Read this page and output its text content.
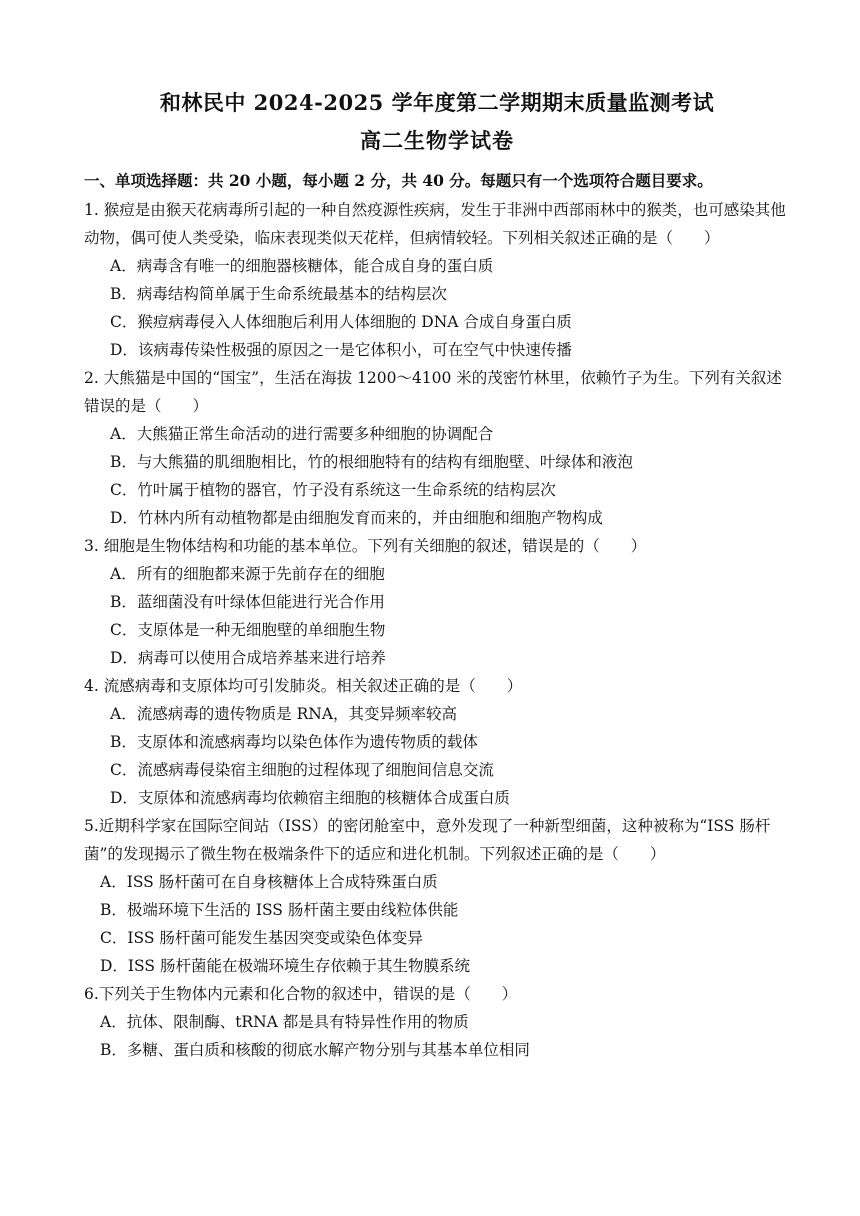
和林民中 2024-2025 学年度第二学期期末质量监测考试
高二生物学试卷
一、单项选择题：共 20 小题，每小题 2 分，共 40 分。每题只有一个选项符合题目要求。

1. 猴痘是由猴天花病毒所引起的一种自然疫源性疾病，发生于非洲中西部雨林中的猴类，也可感染其他动物，偶可使人类受染，临床表现类似天花样，但病情较轻。下列相关叙述正确的是（　　）

A．病毒含有唯一的细胞器核糖体，能合成自身的蛋白质

B．病毒结构简单属于生命系统最基本的结构层次

C．猴痘病毒侵入人体细胞后利用人体细胞的 DNA 合成自身蛋白质

D．该病毒传染性极强的原因之一是它体积小，可在空气中快速传播

2. 大熊猫是中国的“国宝”，生活在海拔 1200～4100 米的茂密竹林里，依赖竹子为生。下列有关叙述错误的是（　　）

A．大熊猫正常生命活动的进行需要多种细胞的协调配合

B．与大熊猫的肌细胞相比，竹的根细胞特有的结构有细胞壁、叶绿体和液泡

C．竹叶属于植物的器官，竹子没有系统这一生命系统的结构层次

D．竹林内所有动植物都是由细胞发育而来的，并由细胞和细胞产物构成

3. 细胞是生物体结构和功能的基本单位。下列有关细胞的叙述，错误是的（　　）

A．所有的细胞都来源于先前存在的细胞

B．蓝细菌没有叶绿体但能进行光合作用

C．支原体是一种无细胞壁的单细胞生物

D．病毒可以使用合成培养基来进行培养

4. 流感病毒和支原体均可引发肺炎。相关叙述正确的是（　　）

A．流感病毒的遗传物质是 RNA，其变异频率较高

B．支原体和流感病毒均以染色体作为遗传物质的载体

C．流感病毒侵染宿主细胞的过程体现了细胞间信息交流

D．支原体和流感病毒均依赖宿主细胞的核糖体合成蛋白质

5.近期科学家在国际空间站（ISS）的密闭舱室中，意外发现了一种新型细菌，这种被称为“ISS 肠杆菌”的发现揭示了微生物在极端条件下的适应和进化机制。下列叙述正确的是（　　）

A．ISS 肠杆菌可在自身核糖体上合成特殊蛋白质

B．极端环境下生活的 ISS 肠杆菌主要由线粒体供能

C．ISS 肠杆菌可能发生基因突变或染色体变异

D．ISS 肠杆菌能在极端环境生存依赖于其生物膜系统

6.下列关于生物体内元素和化合物的叙述中，错误的是（　　）

A．抗体、限制酶、tRNA 都是具有特异性作用的物质

B．多糖、蛋白质和核酸的彻底水解产物分别与其基本单位相同
